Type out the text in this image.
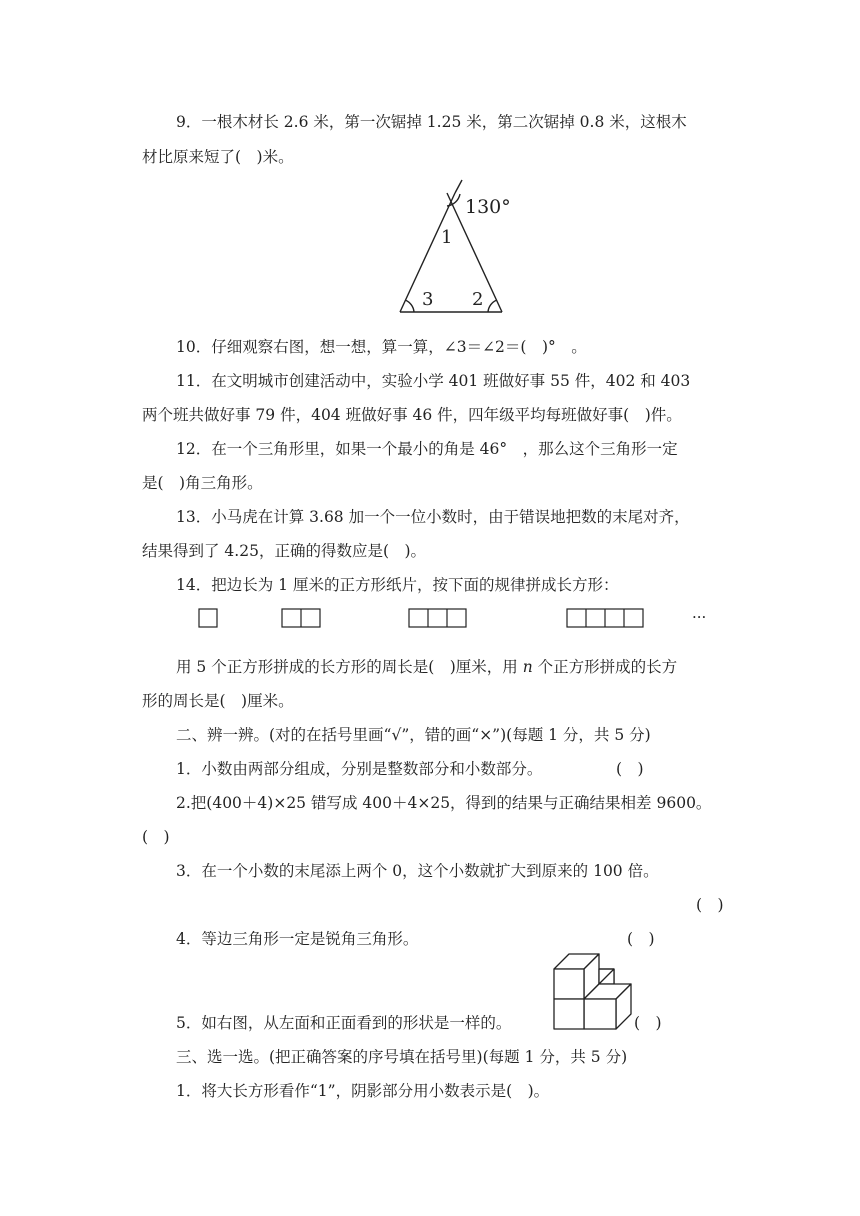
9．一根木材长 2.6 米，第一次锯掉 1.25 米，第二次锯掉 0.8 米，这根木
材比原来短了(　)米。
130°
1
3 2
10．仔细观察右图，想一想，算一算，∠3＝∠2＝(　)°　。
11．在文明城市创建活动中，实验小学 401 班做好事 55 件，402 和 403
两个班共做好事 79 件，404 班做好事 46 件，四年级平均每班做好事(　)件。
12．在一个三角形里，如果一个最小的角是 46°　，那么这个三角形一定
是(　)角三角形。
13．小马虎在计算 3.68 加一个一位小数时，由于错误地把数的末尾对齐，
结果得到了 4.25，正确的得数应是(　)。
14．把边长为 1 厘米的正方形纸片，按下面的规律拼成长方形：
···
用 5 个正方形拼成的长方形的周长是(　)厘米，用 n 个正方形拼成的长方
形的周长是(　)厘米。
二、辨一辨。(对的在括号里画“√”，错的画“×”)(每题 1 分，共 5 分)
1．小数由两部分组成，分别是整数部分和小数部分。	(　)
2.把(400＋4)×25 错写成 400＋4×25，得到的结果与正确结果相差 9600。
(　)
3．在一个小数的末尾添上两个 0，这个小数就扩大到原来的 100 倍。
(　)
4．等边三角形一定是锐角三角形。	(　)
5．如右图，从左面和正面看到的形状是一样的。	(　)
三、选一选。(把正确答案的序号填在括号里)(每题 1 分，共 5 分)
1．将大长方形看作“1”，阴影部分用小数表示是(　)。
